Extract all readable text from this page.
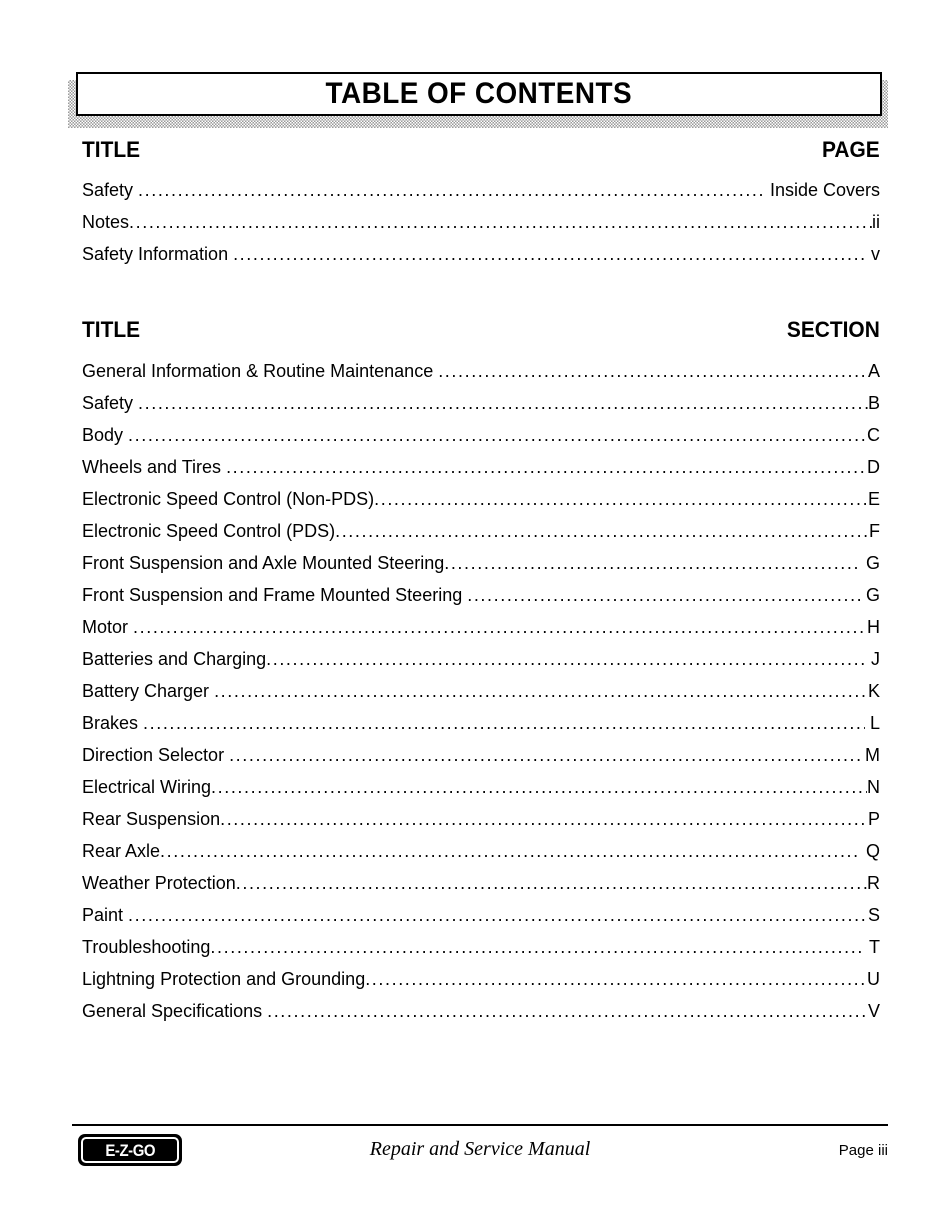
TABLE OF CONTENTS
TITLE	PAGE
Safety .....	Inside Covers
Notes .....	ii
Safety Information .....	v
TITLE	SECTION
General Information & Routine Maintenance .....	A
Safety .....	B
Body .....	C
Wheels and Tires .....	D
Electronic Speed Control (Non-PDS) .....	E
Electronic Speed Control (PDS) .....	F
Front Suspension and Axle Mounted Steering .....	G
Front Suspension and Frame Mounted Steering .....	G
Motor .....	H
Batteries and Charging .....	J
Battery Charger .....	K
Brakes .....	L
Direction Selector .....	M
Electrical Wiring .....	N
Rear Suspension .....	P
Rear Axle .....	Q
Weather Protection .....	R
Paint .....	S
Troubleshooting .....	T
Lightning Protection and Grounding .....	U
General Specifications .....	V
E-Z-GO	Repair and Service Manual	Page iii
